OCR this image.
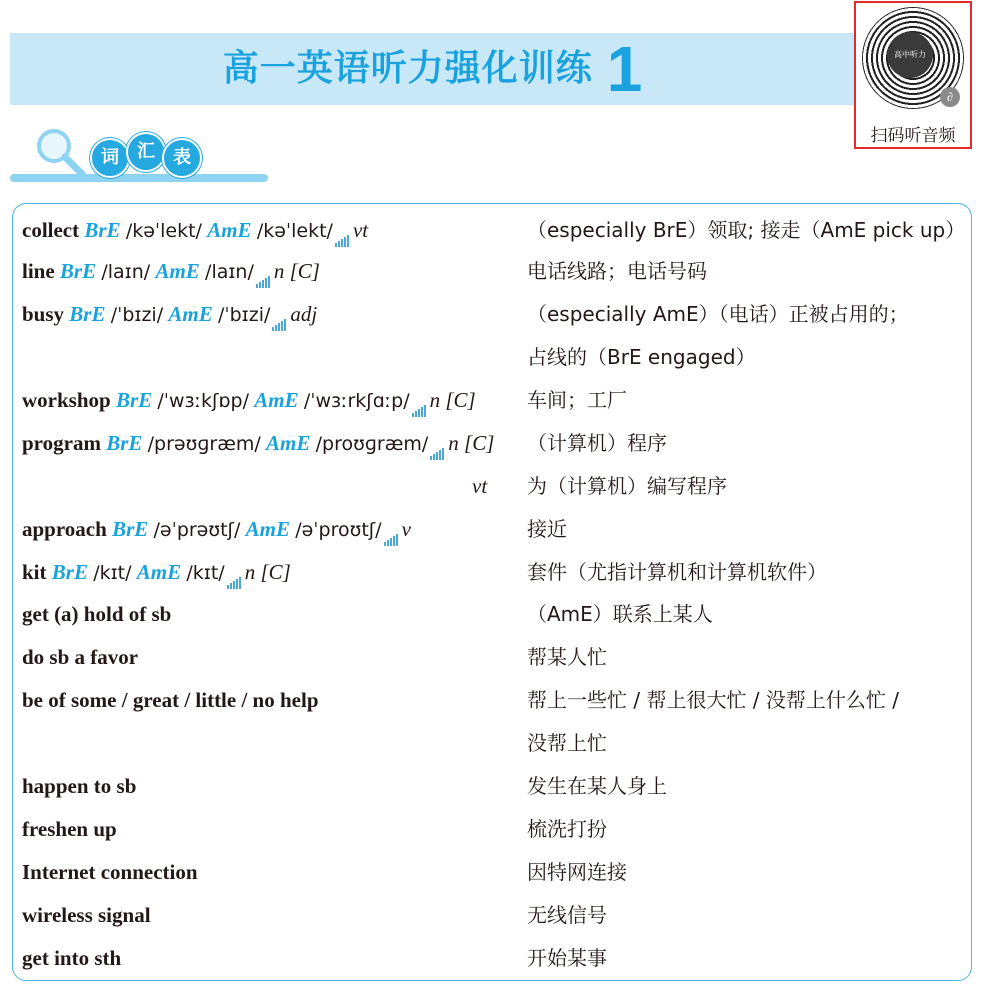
高一英语听力强化训练 1	高中听力
∂
扫码听音频
词	汇	表
collect BrE /kəˈlekt/ AmE /kəˈlekt/ vt	（especially BrE）领取; 接走（AmE pick up）
line BrE /laɪn/ AmE /laɪn/ n [C]	电话线路；电话号码
busy BrE /ˈbɪzi/ AmE /ˈbɪzi/ adj	（especially AmE）（电话）正被占用的；
占线的（BrE engaged）
workshop BrE /ˈwɜːkʃɒp/ AmE /ˈwɜːrkʃɑːp/ n [C]	车间；工厂
program BrE /prəʊɡræm/ AmE /proʊɡræm/ n [C] （计算机）程序
vt 为（计算机）编写程序
approach BrE /əˈprəʊtʃ/ AmE /əˈproʊtʃ/ v	接近
kit BrE /kɪt/ AmE /kɪt/ n [C]	套件（尤指计算机和计算机软件）
get (a) hold of sb	（AmE）联系上某人
do sb a favor	帮某人忙
be of some / great / little / no help	帮上一些忙 / 帮上很大忙 / 没帮上什么忙 /
没帮上忙
happen to sb	发生在某人身上
freshen up	梳洗打扮
Internet connection	因特网连接
wireless signal	无线信号
get into sth	开始某事
